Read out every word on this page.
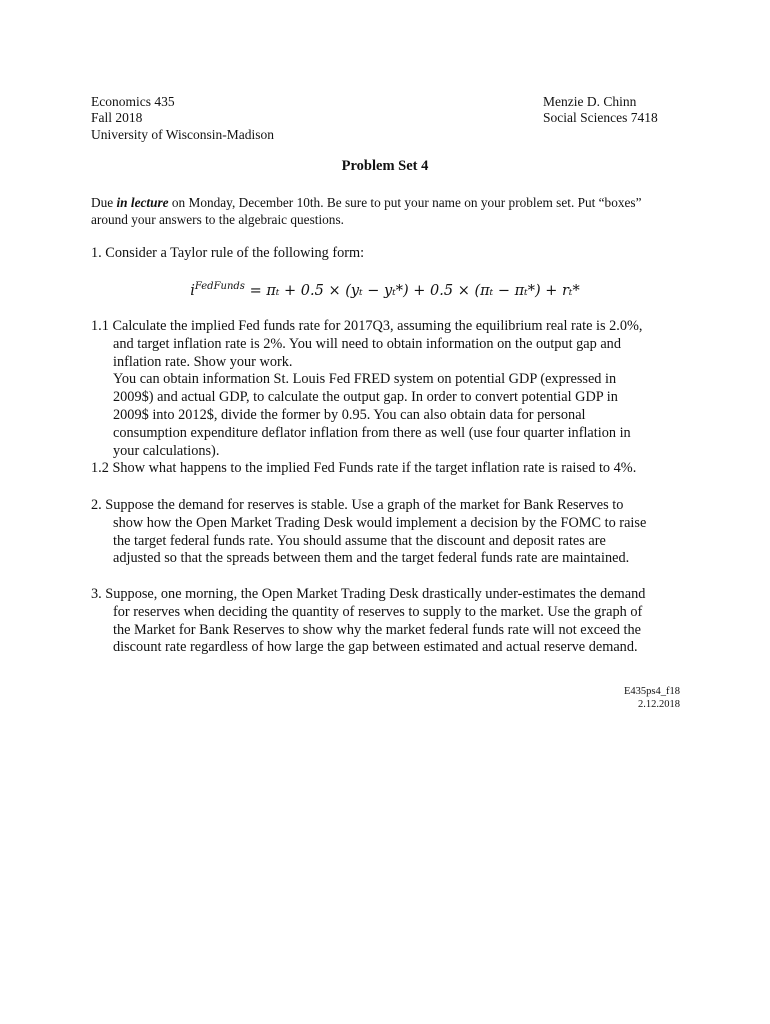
Economics 435
Fall 2018
University of Wisconsin-Madison
Menzie D. Chinn
Social Sciences 7418
Problem Set 4
Due in lecture on Monday, December 10th. Be sure to put your name on your problem set. Put “boxes”
around your answers to the algebraic questions.
1. Consider a Taylor rule of the following form:
$i^{FedFunds} = \pi_t + 0.5 \times (y_t - y_t*) + 0.5 \times (\pi_t - \pi_t*) + r_t*$
1.1 Calculate the implied Fed funds rate for 2017Q3, assuming the equilibrium real rate is 2.0%,
and target inflation rate is 2%. You will need to obtain information on the output gap and
inflation rate. Show your work.
You can obtain information St. Louis Fed FRED system on potential GDP (expressed in
2009$) and actual GDP, to calculate the output gap. In order to convert potential GDP in
2009$ into 2012$, divide the former by 0.95. You can also obtain data for personal
consumption expenditure deflator inflation from there as well (use four quarter inflation in
your calculations).
1.2 Show what happens to the implied Fed Funds rate if the target inflation rate is raised to 4%.
2. Suppose the demand for reserves is stable. Use a graph of the market for Bank Reserves to
show how the Open Market Trading Desk would implement a decision by the FOMC to raise
the target federal funds rate. You should assume that the discount and deposit rates are
adjusted so that the spreads between them and the target federal funds rate are maintained.
3. Suppose, one morning, the Open Market Trading Desk drastically under-estimates the demand
for reserves when deciding the quantity of reserves to supply to the market. Use the graph of
the Market for Bank Reserves to show why the market federal funds rate will not exceed the
discount rate regardless of how large the gap between estimated and actual reserve demand.
E435ps4_f18
2.12.2018
